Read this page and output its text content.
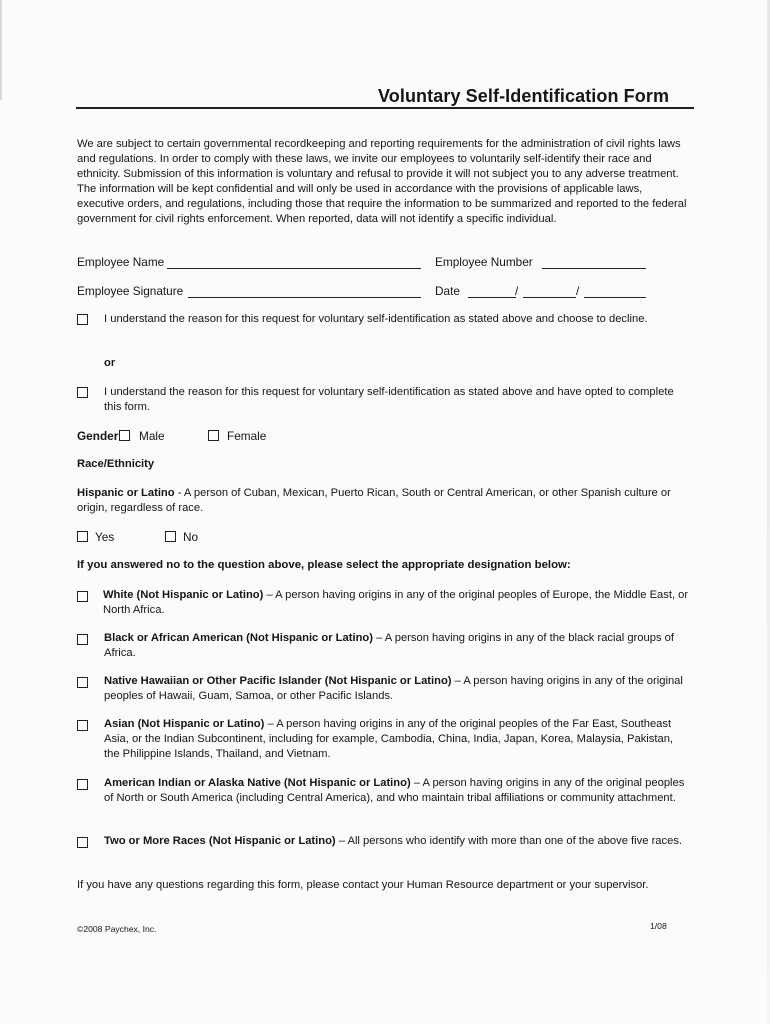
Voluntary Self-Identification Form
We are subject to certain governmental recordkeeping and reporting requirements for the administration of civil rights laws and regulations. In order to comply with these laws, we invite our employees to voluntarily self-identify their race and ethnicity. Submission of this information is voluntary and refusal to provide it will not subject you to any adverse treatment. The information will be kept confidential and will only be used in accordance with the provisions of applicable laws, executive orders, and regulations, including those that require the information to be summarized and reported to the federal government for civil rights enforcement. When reported, data will not identify a specific individual.
Employee Name	Employee Number
Employee Signature	Date	/	/
I understand the reason for this request for voluntary self-identification as stated above and choose to decline.
or
I understand the reason for this request for voluntary self-identification as stated above and have opted to complete this form.
Gender Male	Female
Race/Ethnicity
Hispanic or Latino - A person of Cuban, Mexican, Puerto Rican, South or Central American, or other Spanish culture or origin, regardless of race.
Yes	No
If you answered no to the question above, please select the appropriate designation below:
White (Not Hispanic or Latino) – A person having origins in any of the original peoples of Europe, the Middle East, or North Africa.
Black or African American (Not Hispanic or Latino) – A person having origins in any of the black racial groups of Africa.
Native Hawaiian or Other Pacific Islander (Not Hispanic or Latino) – A person having origins in any of the original peoples of Hawaii, Guam, Samoa, or other Pacific Islands.
Asian (Not Hispanic or Latino) – A person having origins in any of the original peoples of the Far East, Southeast Asia, or the Indian Subcontinent, including for example, Cambodia, China, India, Japan, Korea, Malaysia, Pakistan, the Philippine Islands, Thailand, and Vietnam.
American Indian or Alaska Native (Not Hispanic or Latino) – A person having origins in any of the original peoples of North or South America (including Central America), and who maintain tribal affiliations or community attachment.
Two or More Races (Not Hispanic or Latino) – All persons who identify with more than one of the above five races.
If you have any questions regarding this form, please contact your Human Resource department or your supervisor.
©2008 Paychex, Inc.	1/08
